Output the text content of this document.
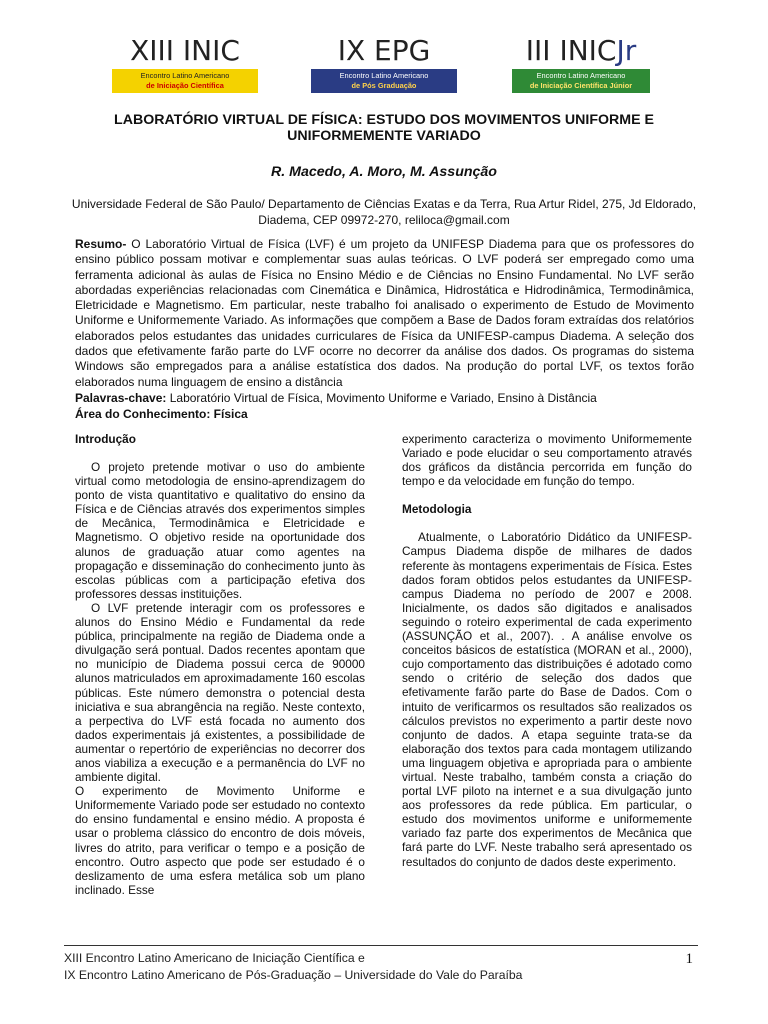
XIII INIC
Encontro Latino Americano
de Iniciação Científica
IX EPG
Encontro Latino Americano
de Pós Graduação
III INICJr
Encontro Latino Americano
de Iniciação Científica Júnior
LABORATÓRIO VIRTUAL DE FÍSICA: ESTUDO DOS MOVIMENTOS UNIFORME E UNIFORMEMENTE VARIADO
R. Macedo, A. Moro, M. Assunção
Universidade Federal de São Paulo/ Departamento de Ciências Exatas e da Terra, Rua Artur Ridel, 275, Jd Eldorado, Diadema, CEP 09972-270, reliloca@gmail.com
Resumo- O Laboratório Virtual de Física (LVF) é um projeto da UNIFESP Diadema para que os professores do ensino público possam motivar e complementar suas aulas teóricas. O LVF poderá ser empregado como uma ferramenta adicional às aulas de Física no Ensino Médio e de Ciências no Ensino Fundamental. No LVF serão abordadas experiências relacionadas com Cinemática e Dinâmica, Hidrostática e Hidrodinâmica, Termodinâmica, Eletricidade e Magnetismo. Em particular, neste trabalho foi analisado o experimento de Estudo de Movimento Uniforme e Uniformemente Variado. As informações que compõem a Base de Dados foram extraídas dos relatórios elaborados pelos estudantes das unidades curriculares de Física da UNIFESP-campus Diadema. A seleção dos dados que efetivamente farão parte do LVF ocorre no decorrer da análise dos dados. Os programas do sistema Windows são empregados para a análise estatística dos dados. Na produção do portal LVF, os textos forão elaborados numa linguagem de ensino a distância
Palavras-chave: Laboratório Virtual de Física, Movimento Uniforme e Variado, Ensino à Distância
Área do Conhecimento: Física
Introdução

O projeto pretende motivar o uso do ambiente virtual como metodologia de ensino-aprendizagem do ponto de vista quantitativo e qualitativo do ensino da Física e de Ciências através dos experimentos simples de Mecânica, Termodinâmica e Eletricidade e Magnetismo. O objetivo reside na oportunidade dos alunos de graduação atuar como agentes na propagação e disseminação do conhecimento junto às escolas públicas com a participação efetiva dos professores dessas instituições.

O LVF pretende interagir com os professores e alunos do Ensino Médio e Fundamental da rede pública, principalmente na região de Diadema onde a divulgação será pontual. Dados recentes apontam que no município de Diadema possui cerca de 90000 alunos matriculados em aproximadamente 160 escolas públicas. Este número demonstra o potencial desta iniciativa e sua abrangência na região. Neste contexto, a perpectiva do LVF está focada no aumento dos dados experimentais já existentes, a possibilidade de aumentar o repertório de experiências no decorrer dos anos viabiliza a execução e a permanência do LVF no ambiente digital.

O experimento de Movimento Uniforme e Uniformemente Variado pode ser estudado no contexto do ensino fundamental e ensino médio. A proposta é usar o problema clássico do encontro de dois móveis, livres do atrito, para verificar o tempo e a posição de encontro. Outro aspecto que pode ser estudado é o deslizamento de uma esfera metálica sob um plano inclinado. Esse

experimento caracteriza o movimento Uniformemente Variado e pode elucidar o seu comportamento através dos gráficos da distância percorrida em função do tempo e da velocidade em função do tempo.

Metodologia

Atualmente, o Laboratório Didático da UNIFESP-Campus Diadema dispõe de milhares de dados referente às montagens experimentais de Física. Estes dados foram obtidos pelos estudantes da UNIFESP-campus Diadema no período de 2007 e 2008. Inicialmente, os dados são digitados e analisados seguindo o roteiro experimental de cada experimento (ASSUNÇÃO et al., 2007). . A análise envolve os conceitos básicos de estatística (MORAN et al., 2000), cujo comportamento das distribuições é adotado como sendo o critério de seleção dos dados que efetivamente farão parte do Base de Dados. Com o intuito de verificarmos os resultados são realizados os cálculos previstos no experimento a partir deste novo conjunto de dados. A etapa seguinte trata-se da elaboração dos textos para cada montagem utilizando uma linguagem objetiva e apropriada para o ambiente virtual. Neste trabalho, também consta a criação do portal LVF piloto na internet e a sua divulgação junto aos professores da rede pública. Em particular, o estudo dos movimentos uniforme e uniformemente variado faz parte dos experimentos de Mecânica que fará parte do LVF. Neste trabalho será apresentado os resultados do conjunto de dados deste experimento.

XIII Encontro Latino Americano de Iniciação Científica e
IX Encontro Latino Americano de Pós-Graduação – Universidade do Vale do Paraíba
1
